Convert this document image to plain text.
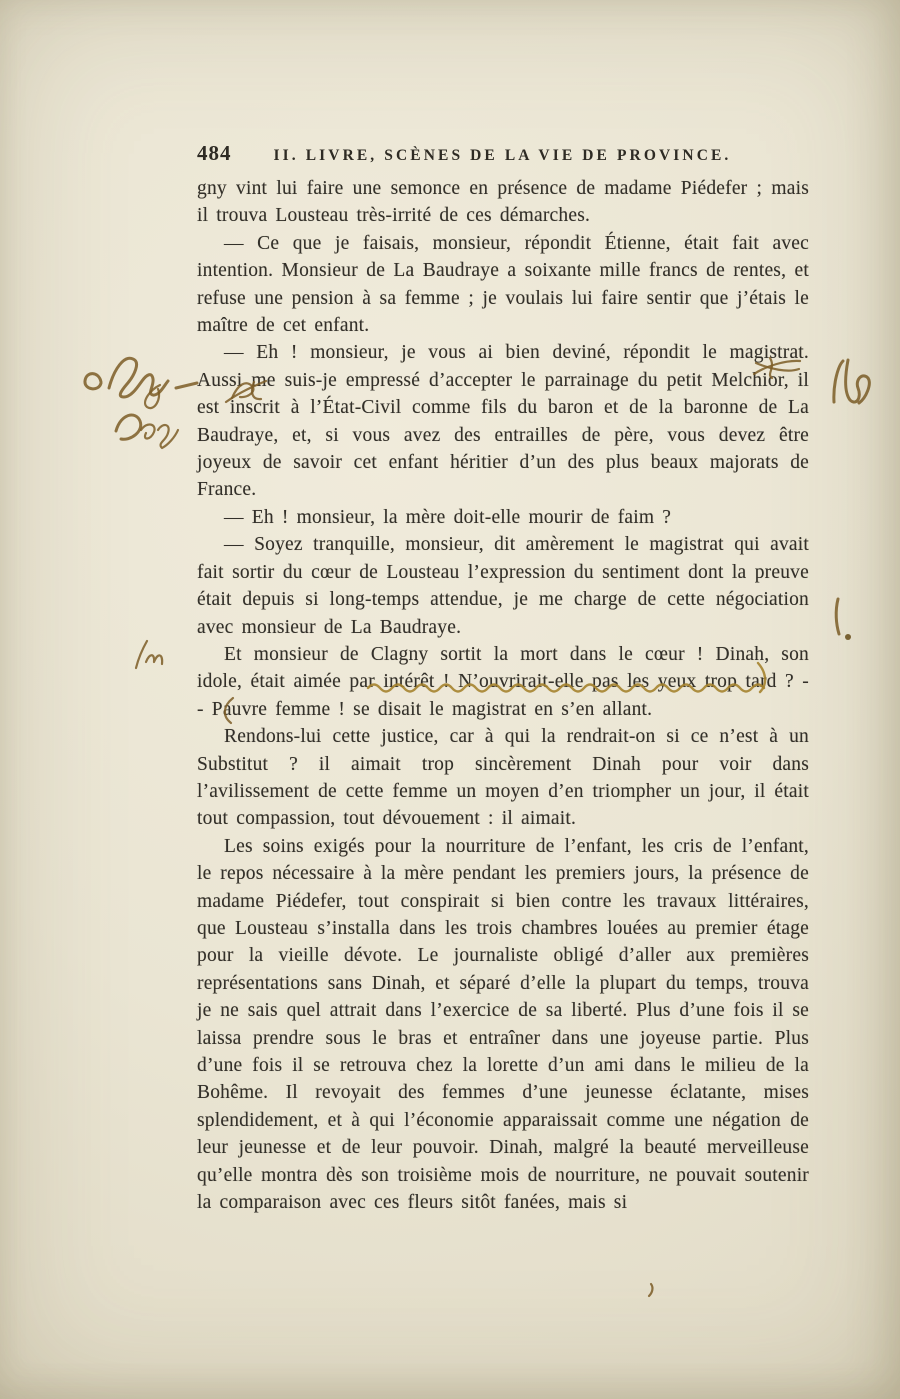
484	II. LIVRE, SCÈNES DE LA VIE DE PROVINCE.

gny vint lui faire une semonce en présence de madame Piédefer ; mais il trouva Lousteau très-irrité de ces démarches.

— Ce que je faisais, monsieur, répondit Étienne, était fait avec intention. Monsieur de La Baudraye a soixante mille francs de rentes, et refuse une pension à sa femme ; je voulais lui faire sentir que j’étais le maître de cet enfant.

— Eh ! monsieur, je vous ai bien deviné, répondit le magistrat. Aussi me suis-je empressé d’accepter le parrainage du petit Melchior, il est inscrit à l’État-Civil comme fils du baron et de la baronne de La Baudraye, et, si vous avez des entrailles de père, vous devez être joyeux de savoir cet enfant héritier d’un des plus beaux majorats de France.

— Eh ! monsieur, la mère doit-elle mourir de faim ?

— Soyez tranquille, monsieur, dit amèrement le magistrat qui avait fait sortir du cœur de Lousteau l’expression du sentiment dont la preuve était depuis si long-temps attendue, je me charge de cette négociation avec monsieur de La Baudraye.

Et monsieur de Clagny sortit la mort dans le cœur ! Dinah, son idole, était aimée par intérêt ! N’ouvrirait-elle pas les yeux trop tard ? -- Pauvre femme ! se disait le magistrat en s’en allant.

Rendons-lui cette justice, car à qui la rendrait-on si ce n’est à un Substitut ? il aimait trop sincèrement Dinah pour voir dans l’avilissement de cette femme un moyen d’en triompher un jour, il était tout compassion, tout dévouement : il aimait.

Les soins exigés pour la nourriture de l’enfant, les cris de l’enfant, le repos nécessaire à la mère pendant les premiers jours, la présence de madame Piédefer, tout conspirait si bien contre les travaux littéraires, que Lousteau s’installa dans les trois chambres louées au premier étage pour la vieille dévote. Le journaliste obligé d’aller aux premières représentations sans Dinah, et séparé d’elle la plupart du temps, trouva je ne sais quel attrait dans l’exercice de sa liberté. Plus d’une fois il se laissa prendre sous le bras et entraîner dans une joyeuse partie. Plus d’une fois il se retrouva chez la lorette d’un ami dans le milieu de la Bohême. Il revoyait des femmes d’une jeunesse éclatante, mises splendidement, et à qui l’économie apparaissait comme une négation de leur jeunesse et de leur pouvoir. Dinah, malgré la beauté merveilleuse qu’elle montra dès son troisième mois de nourriture, ne pouvait soutenir la comparaison avec ces fleurs sitôt fanées, mais si
